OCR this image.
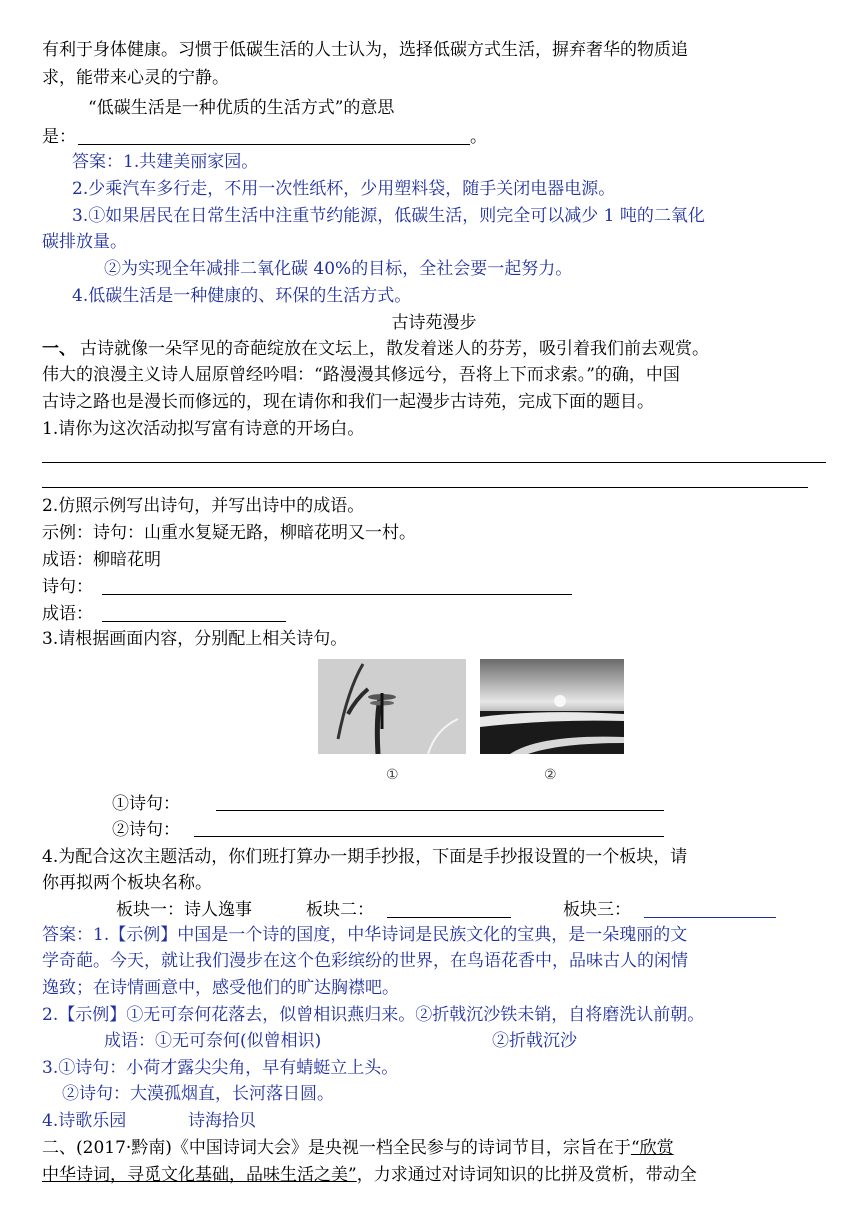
有利于身体健康。习惯于低碳生活的人士认为，选择低碳方式生活，摒弃奢华的物质追
求，能带来心灵的宁静。
“低碳生活是一种优质的生活方式”的意思
是：	。
答案：1.共建美丽家园。
2.少乘汽车多行走，不用一次性纸杯，少用塑料袋，随手关闭电器电源。
3.①如果居民在日常生活中注重节约能源，低碳生活，则完全可以减少 1 吨的二氧化
碳排放量。
②为实现全年减排二氧化碳 40%的目标，全社会要一起努力。
4.低碳生活是一种健康的、环保的生活方式。
古诗苑漫步
一、 古诗就像一朵罕见的奇葩绽放在文坛上，散发着迷人的芬芳，吸引着我们前去观赏。
伟大的浪漫主义诗人屈原曾经吟唱：“路漫漫其修远兮，吾将上下而求索。”的确，中国
古诗之路也是漫长而修远的，现在请你和我们一起漫步古诗苑，完成下面的题目。
1.请你为这次活动拟写富有诗意的开场白。
2.仿照示例写出诗句，并写出诗中的成语。
示例：诗句：山重水复疑无路，柳暗花明又一村。
成语：柳暗花明
诗句：
成语：
3.请根据画面内容，分别配上相关诗句。
①	②
①诗句：
②诗句：
4.为配合这次主题活动，你们班打算办一期手抄报，下面是手抄报设置的一个板块，请
你再拟两个板块名称。
板块一：诗人逸事	板块二：	板块三：
答案：1.【示例】中国是一个诗的国度，中华诗词是民族文化的宝典，是一朵瑰丽的文
学奇葩。今天，就让我们漫步在这个色彩缤纷的世界，在鸟语花香中，品味古人的闲情
逸致；在诗情画意中，感受他们的旷达胸襟吧。
2.【示例】①无可奈何花落去，似曾相识燕归来。②折戟沉沙铁未销，自将磨洗认前朝。
成语：①无可奈何(似曾相识)	②折戟沉沙
3.①诗句：小荷才露尖尖角，早有蜻蜓立上头。
②诗句：大漠孤烟直，长河落日圆。
4.诗歌乐园	诗海拾贝
二、(2017·黔南)《中国诗词大会》是央视一档全民参与的诗词节目，宗旨在于“欣赏
中华诗词，寻觅文化基础，品味生活之美”，力求通过对诗词知识的比拼及赏析，带动全
